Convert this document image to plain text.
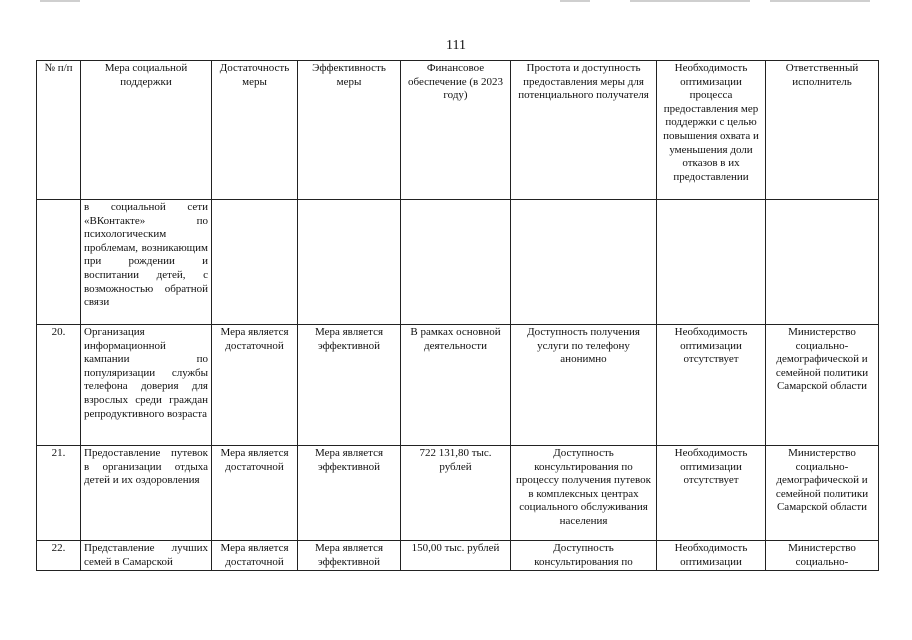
111
№ п/п	Мера социальной поддержки	Достаточность меры	Эффективность меры	Финансовое обеспечение (в 2023 году)	Простота и доступность предоставления меры для потенциального получателя	Необходимость оптимизации процесса предоставления мер поддержки с целью повышения охвата и уменьшения доли отказов в их предоставлении	Ответственный исполнитель
	в социальной сети «ВКонтакте» по психологическим проблемам, возникающим при рождении и воспитании детей, с возможностью обратной связи						
20.	Организация информационной кампании по популяризации службы телефона доверия для взрослых среди граждан репродуктивного возраста	Мера является достаточной	Мера является эффективной	В рамках основной деятельности	Доступность получения услуги по телефону анонимно	Необходимость оптимизации отсутствует	Министерство социально-демографической и семейной политики Самарской области
21.	Предоставление путевок в организации отдыха детей и их оздоровления	Мера является достаточной	Мера является эффективной	722 131,80 тыс. рублей	Доступность консультирования по процессу получения путевок в комплексных центрах социального обслуживания населения	Необходимость оптимизации отсутствует	Министерство социально-демографической и семейной политики Самарской области
22.	Представление лучших семей в Самарской	Мера является достаточной	Мера является эффективной	150,00 тыс. рублей	Доступность консультирования по	Необходимость оптимизации	Министерство социально-
